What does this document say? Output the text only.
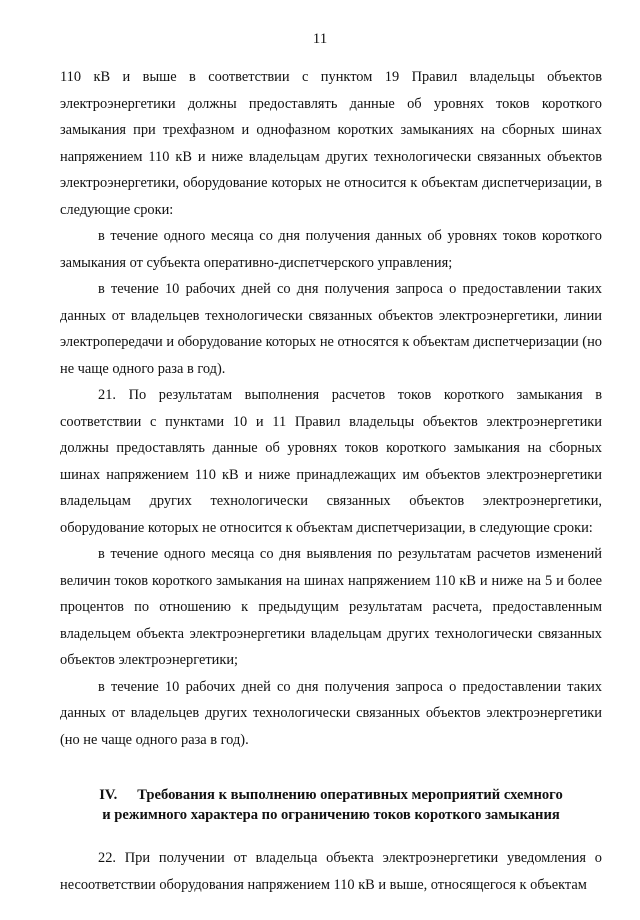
11

110 кВ и выше в соответствии с пунктом 19 Правил владельцы объектов электроэнергетики должны предоставлять данные об уровнях токов короткого замыкания при трехфазном и однофазном коротких замыканиях на сборных шинах напряжением 110 кВ и ниже владельцам других технологически связанных объектов электроэнергетики, оборудование которых не относится к объектам диспетчеризации, в следующие сроки:

в течение одного месяца со дня получения данных об уровнях токов короткого замыкания от субъекта оперативно-диспетчерского управления;

в течение 10 рабочих дней со дня получения запроса о предоставлении таких данных от владельцев технологически связанных объектов электроэнергетики, линии электропередачи и оборудование которых не относятся к объектам диспетчеризации (но не чаще одного раза в год).

21. По результатам выполнения расчетов токов короткого замыкания в соответствии с пунктами 10 и 11 Правил владельцы объектов электроэнергетики должны предоставлять данные об уровнях токов короткого замыкания на сборных шинах напряжением 110 кВ и ниже принадлежащих им объектов электроэнергетики владельцам других технологически связанных объектов электроэнергетики, оборудование которых не относится к объектам диспетчеризации, в следующие сроки:

в течение одного месяца со дня выявления по результатам расчетов изменений величин токов короткого замыкания на шинах напряжением 110 кВ и ниже на 5 и более процентов по отношению к предыдущим результатам расчета, предоставленным владельцем объекта электроэнергетики владельцам других технологически связанных объектов электроэнергетики;

в течение 10 рабочих дней со дня получения запроса о предоставлении таких данных от владельцев других технологически связанных объектов электроэнергетики (но не чаще одного раза в год).

IV. Требования к выполнению оперативных мероприятий схемного
и режимного характера по ограничению токов короткого замыкания

22. При получении от владельца объекта электроэнергетики уведомления о несоответствии оборудования напряжением 110 кВ и выше, относящегося к объектам
